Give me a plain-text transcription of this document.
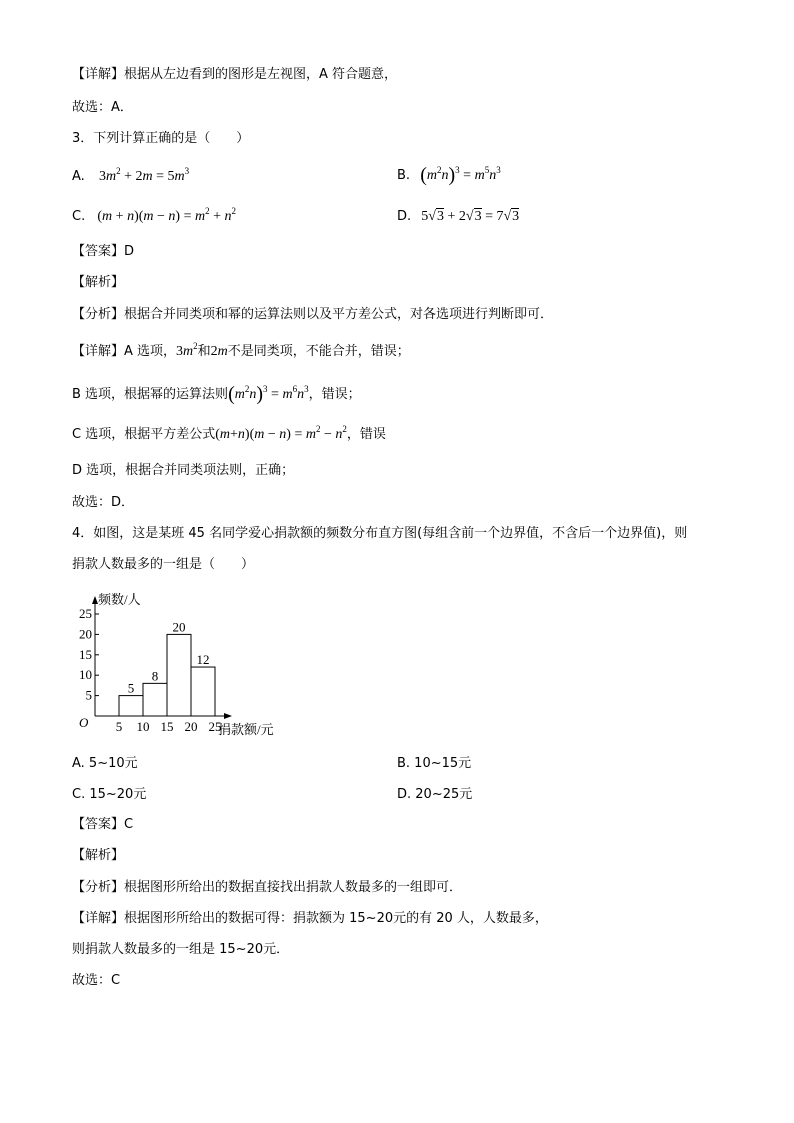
【详解】根据从左边看到的图形是左视图，A 符合题意，
故选：A．
3．下列计算正确的是（　　）
A. $3m^2 + 2m = 5m^3$	B. $(m^2n)^3 = m^5n^3$
C. $(m + n)(m - n) = m^2 + n^2$	D. 5√3 + 2√3 = 7√3
【答案】D
【解析】
【分析】根据合并同类项和幂的运算法则以及平方差公式，对各选项进行判断即可．
【详解】A 选项，$3m^2$和2m不是同类项，不能合并，错误；
B 选项，根据幂的运算法则$(m^2n)^3 = m^6n^3$，错误；
C 选项，根据平方差公式$(m+n)(m - n) = m^2 - n^2$，错误
D 选项，根据合并同类项法则，正确；
故选：D．
4．如图，这是某班 45 名同学爱心捐款额的频数分布直方图(每组含前一个边界值，不含后一个边界值)，则
捐款人数最多的一组是（　　）
频数/人
捐款额/元
O
5
10
15
20
25
5 10 15 20 25
5
8
20
12
A. 5~10元	B. 10~15元
C. 15~20元	D. 20~25元
【答案】C
【解析】
【分析】根据图形所给出的数据直接找出捐款人数最多的一组即可．
【详解】根据图形所给出的数据可得：捐款额为 15~20元的有 20 人，人数最多，
则捐款人数最多的一组是 15~20元．
故选：C
